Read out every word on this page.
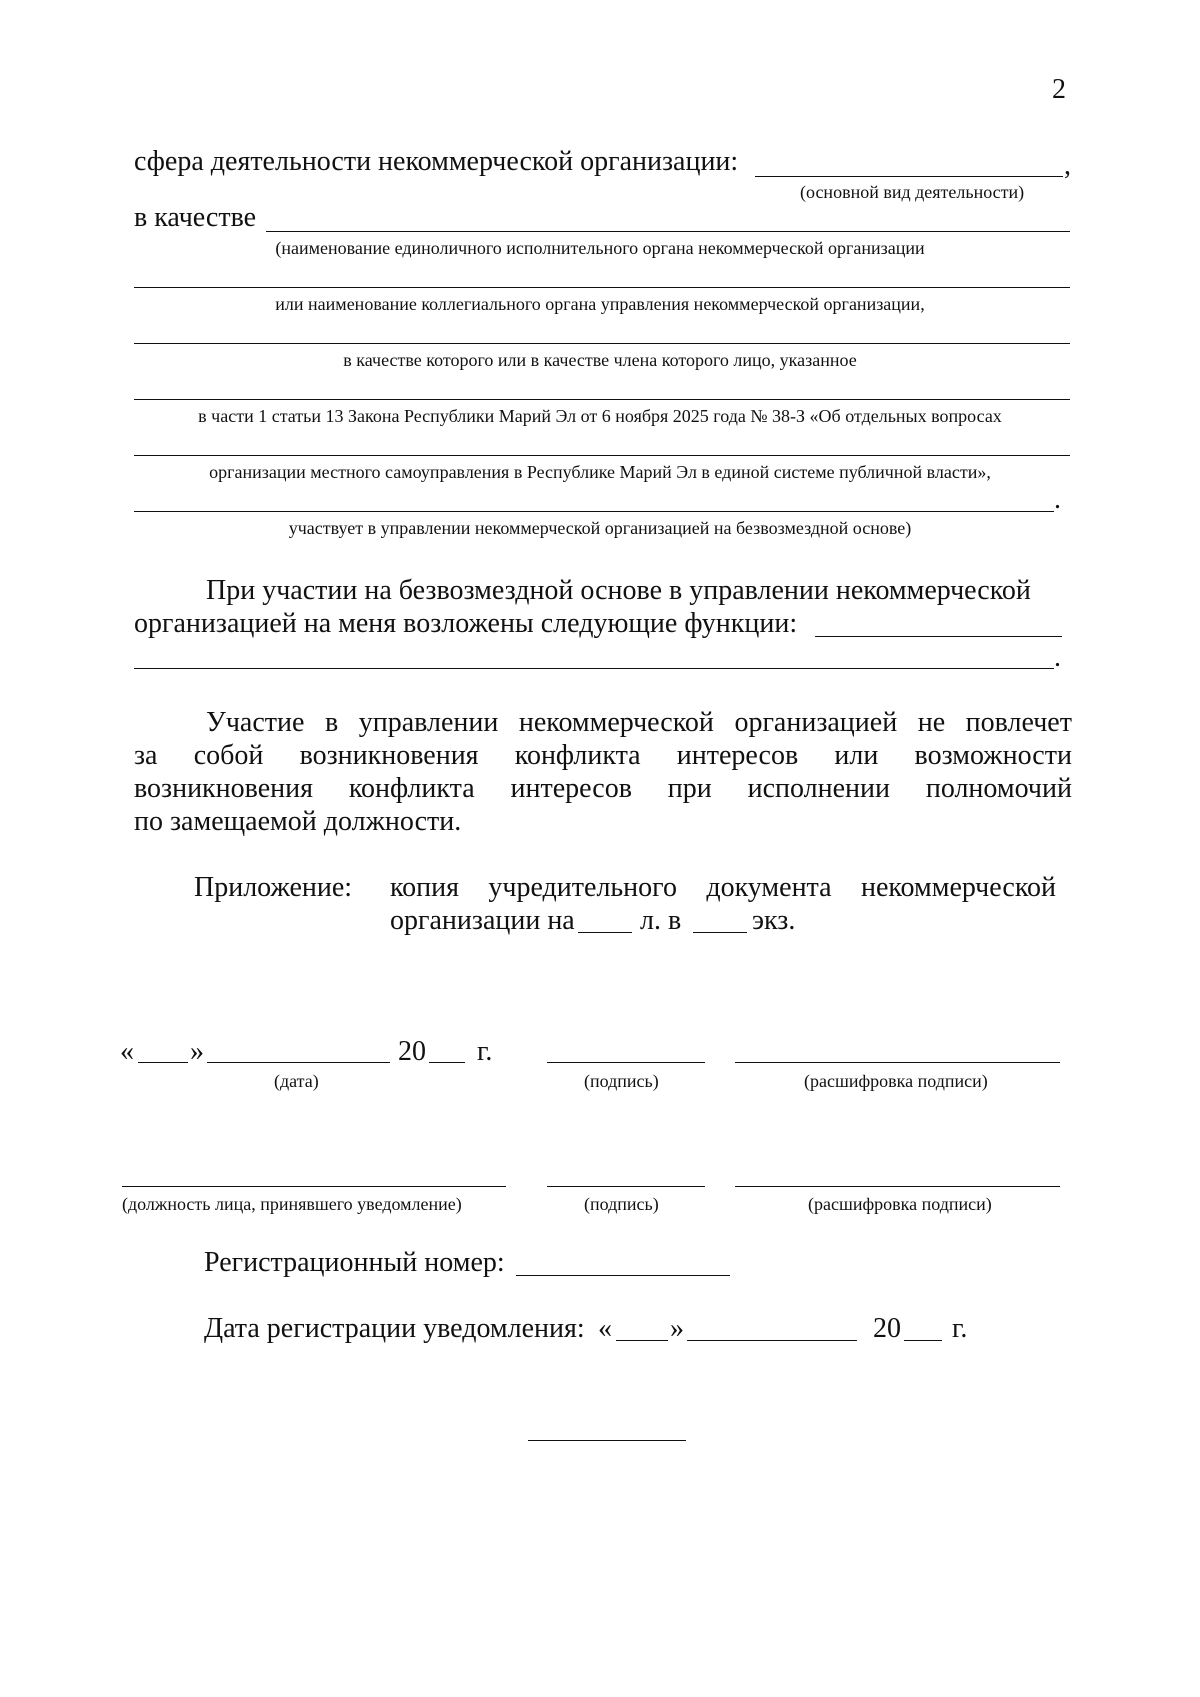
2
сфера деятельности некоммерческой организации:	,
(основной вид деятельности)
в качестве
(наименование единоличного исполнительного органа некоммерческой организации
или наименование коллегиального органа управления некоммерческой организации,
в качестве которого или в качестве члена которого лицо, указанное
в части 1 статьи 13 Закона Республики Марий Эл от 6 ноября 2025 года № 38-З «Об отдельных вопросах
организации местного самоуправления в Республике Марий Эл в единой системе публичной власти»,
.
участвует в управлении некоммерческой организацией на безвозмездной основе)
При участии на безвозмездной основе в управлении некоммерческой
организацией на меня возложены следующие функции:
.
Участие в управлении некоммерческой организацией не повлечет
за собой возникновения конфликта интересов или возможности
возникновения конфликта интересов при исполнении полномочий
по замещаемой должности.
Приложение: копия учредительного документа некоммерческой
организации на л. в	экз.
« »	20 г.
(дата)	(подпись)	(расшифровка подписи)
(должность лица, принявшего уведомление)	(подпись)	(расшифровка подписи)
Регистрационный номер:
Дата регистрации уведомления: « »	20 г.
